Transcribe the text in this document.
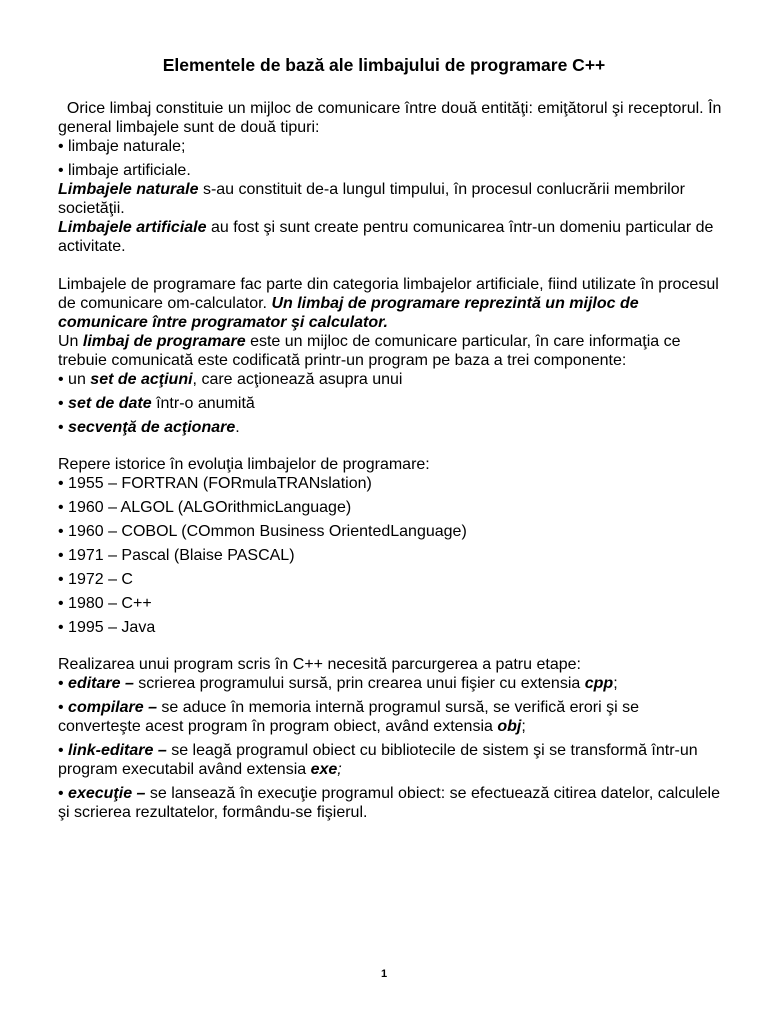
Elementele de bază ale limbajului de programare C++

Orice limbaj constituie un mijloc de comunicare între două entităţi: emiţătorul şi receptorul. În general limbajele sunt de două tipuri:

• limbaje naturale;

• limbaje artificiale.

Limbajele naturale s-au constituit de-a lungul timpului, în procesul conlucrării membrilor societăţii.

Limbajele artificiale au fost şi sunt create pentru comunicarea într-un domeniu particular de activitate.

Limbajele de programare fac parte din categoria limbajelor artificiale, fiind utilizate în procesul de comunicare om-calculator. Un limbaj de programare reprezintă un mijloc de comunicare între programator şi calculator.

Un limbaj de programare este un mijloc de comunicare particular, în care informaţia ce trebuie comunicată este codificată printr-un program pe baza a trei componente:

• un set de acţiuni, care acţionează asupra unui

• set de date într-o anumită

• secvenţă de acţionare.

Repere istorice în evoluţia limbajelor de programare:

• 1955 – FORTRAN (FORmulaTRANslation)

• 1960 – ALGOL (ALGOrithmicLanguage)

• 1960 – COBOL (COmmon Business OrientedLanguage)

• 1971 – Pascal (Blaise PASCAL)

• 1972 – C

• 1980 – C++

• 1995 – Java

Realizarea unui program scris în C++ necesită parcurgerea a patru etape:

• editare – scrierea programului sursă, prin crearea unui fişier cu extensia cpp;

• compilare – se aduce în memoria internă programul sursă, se verifică erori şi se converteşte acest program în program obiect, având extensia obj;

• link-editare – se leagă programul obiect cu bibliotecile de sistem şi se transformă într-un program executabil având extensia exe;

• execuţie – se lansează în execuţie programul obiect: se efectuează citirea datelor, calculele şi scrierea rezultatelor, formându-se fişierul.

1
